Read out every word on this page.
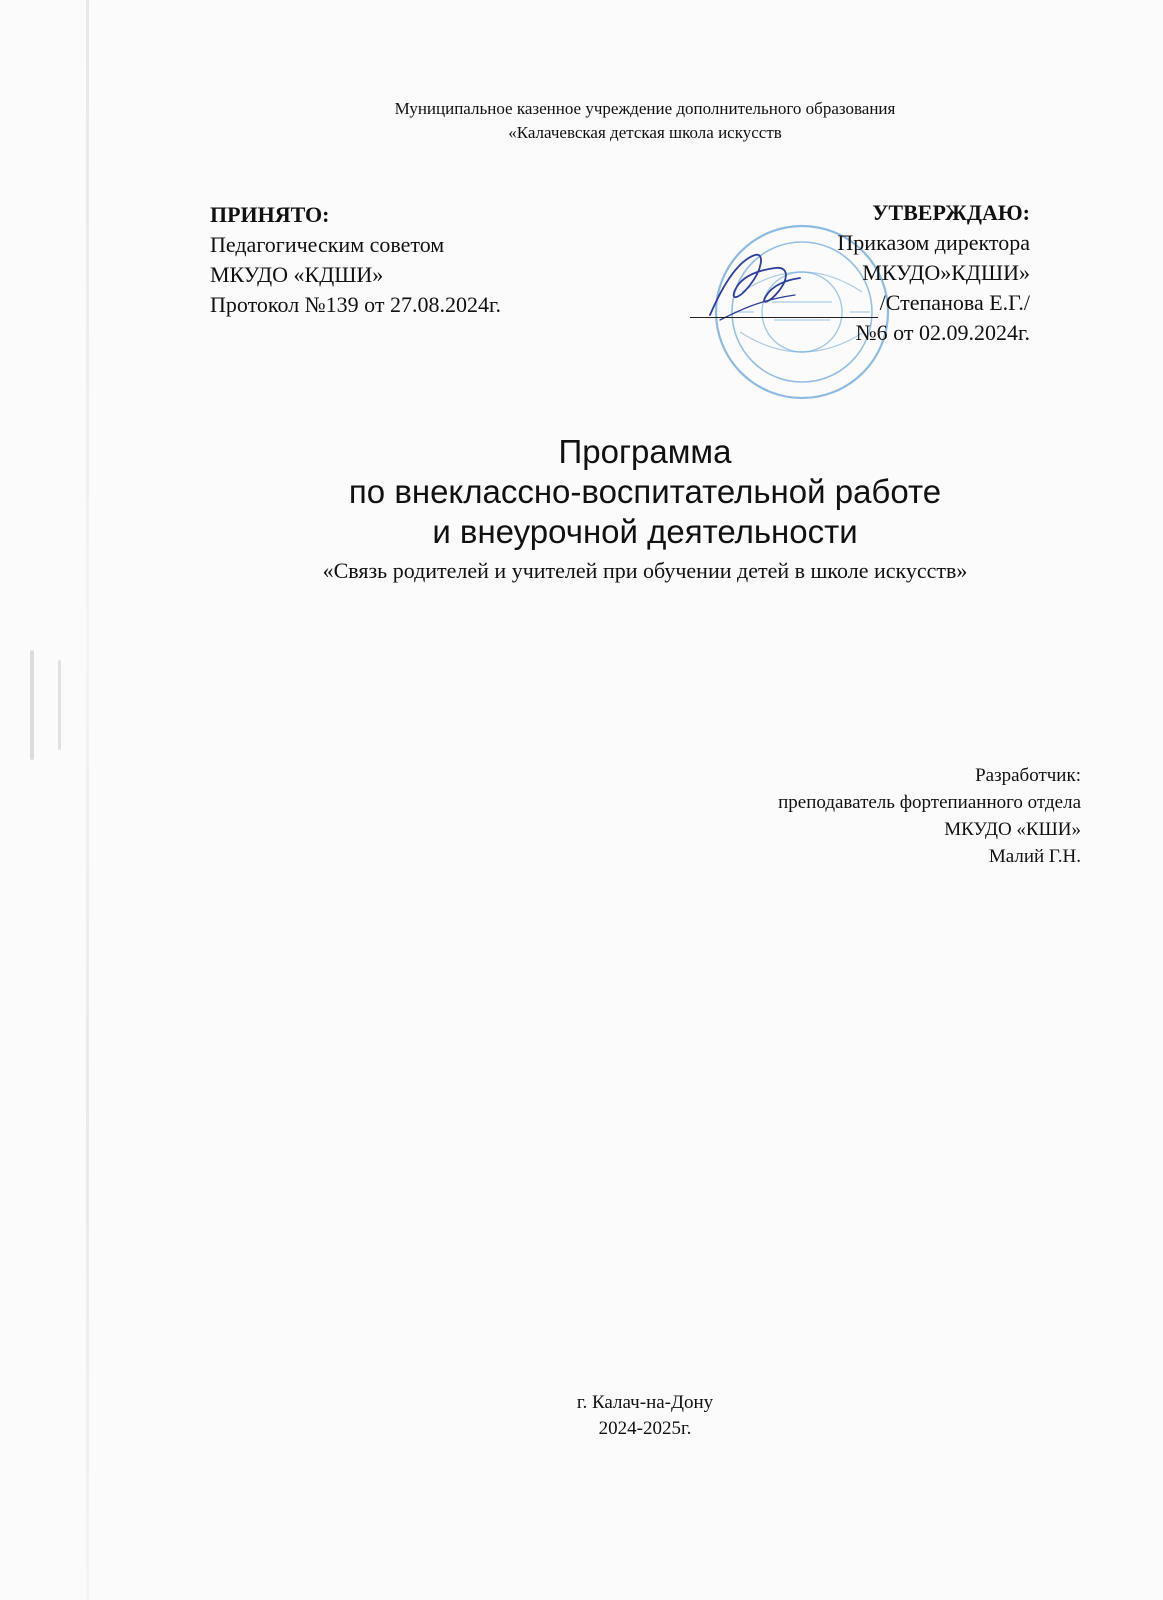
Муниципальное казенное учреждение дополнительного образования
«Калачевская детская школа искусств
ПРИНЯТО:
Педагогическим советом
МКУДО «КДШИ»
Протокол №139 от 27.08.2024г.
УТВЕРЖДАЮ:
Приказом директора
МКУДО»КДШИ»
/Степанова Е.Г./
№6 от 02.09.2024г.
Программа
по внеклассно-воспитательной работе
и внеурочной деятельности
«Связь родителей и учителей при обучении детей в школе искусств»
Разработчик:
преподаватель фортепианного отдела
МКУДО «КШИ»
Малий Г.Н.
г. Калач-на-Дону
2024-2025г.
